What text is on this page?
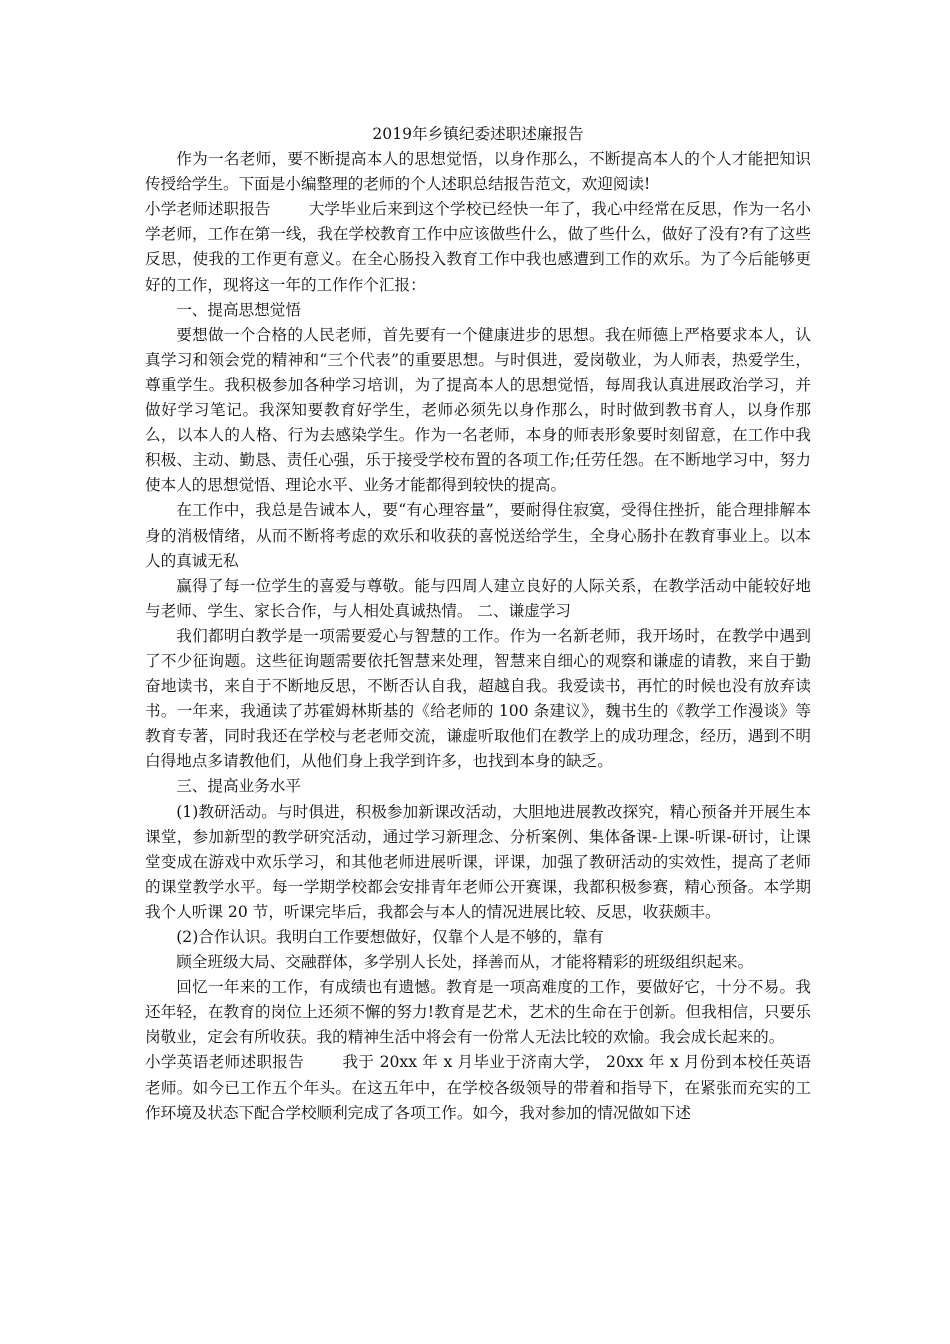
2019年乡镇纪委述职述廉报告

作为一名老师，要不断提高本人的思想觉悟，以身作那么，不断提高本人的个人才能把知识传授给学生。下面是小编整理的老师的个人述职总结报告范文，欢迎阅读!

小学老师述职报告 大学毕业后来到这个学校已经快一年了，我心中经常在反思，作为一名小学老师，工作在第一线，我在学校教育工作中应该做些什么，做了些什么，做好了没有?有了这些反思，使我的工作更有意义。在全心肠投入教育工作中我也感遭到工作的欢乐。为了今后能够更好的工作，现将这一年的工作作个汇报：

一、提高思想觉悟

要想做一个合格的人民老师，首先要有一个健康进步的思想。我在师德上严格要求本人，认真学习和领会党的精神和“三个代表”的重要思想。与时俱进，爱岗敬业，为人师表，热爱学生，尊重学生。我积极参加各种学习培训，为了提高本人的思想觉悟，每周我认真进展政治学习，并做好学习笔记。我深知要教育好学生，老师必须先以身作那么，时时做到教书育人，以身作那么，以本人的人格、行为去感染学生。作为一名老师，本身的师表形象要时刻留意，在工作中我积极、主动、勤恳、责任心强，乐于接受学校布置的各项工作;任劳任怨。在不断地学习中，努力使本人的思想觉悟、理论水平、业务才能都得到较快的提高。

在工作中，我总是告诫本人，要“有心理容量”，要耐得住寂寞，受得住挫折，能合理排解本身的消极情绪，从而不断将考虑的欢乐和收获的喜悦送给学生，全身心肠扑在教育事业上。以本人的真诚无私

赢得了每一位学生的喜爱与尊敬。能与四周人建立良好的人际关系，在教学活动中能较好地与老师、学生、家长合作，与人相处真诚热情。 二、谦虚学习

我们都明白教学是一项需要爱心与智慧的工作。作为一名新老师，我开场时，在教学中遇到了不少征询题。这些征询题需要依托智慧来处理，智慧来自细心的观察和谦虚的请教，来自于勤奋地读书，来自于不断地反思，不断否认自我，超越自我。我爱读书，再忙的时候也没有放弃读书。一年来，我通读了苏霍姆林斯基的《给老师的 100 条建议》，魏书生的《教学工作漫谈》等教育专著，同时我还在学校与老老师交流，谦虚听取他们在教学上的成功理念，经历，遇到不明白得地点多请教他们，从他们身上我学到许多，也找到本身的缺乏。

三、提高业务水平

(1)教研活动。与时俱进，积极参加新课改活动，大胆地进展教改探究，精心预备并开展生本课堂，参加新型的教学研究活动，通过学习新理念、分析案例、集体备课-上课-听课-研讨，让课堂变成在游戏中欢乐学习，和其他老师进展听课，评课，加强了教研活动的实效性，提高了老师的课堂教学水平。每一学期学校都会安排青年老师公开赛课，我都积极参赛，精心预备。本学期我个人听课 20 节，听课完毕后，我都会与本人的情况进展比较、反思，收获颇丰。

(2)合作认识。我明白工作要想做好，仅靠个人是不够的，靠有

顾全班级大局、交融群体，多学别人长处，择善而从，才能将精彩的班级组织起来。

回忆一年来的工作，有成绩也有遗憾。教育是一项高难度的工作，要做好它，十分不易。我还年轻，在教育的岗位上还须不懈的努力!教育是艺术，艺术的生命在于创新。但我相信，只要乐岗敬业，定会有所收获。我的精神生活中将会有一份常人无法比较的欢愉。我会成长起来的。

小学英语老师述职报告 我于 20xx 年 x 月毕业于济南大学， 20xx 年 x 月份到本校任英语老师。如今已工作五个年头。在这五年中，在学校各级领导的带着和指导下，在紧张而充实的工作环境及状态下配合学校顺利完成了各项工作。如今，我对参加的情况做如下述
